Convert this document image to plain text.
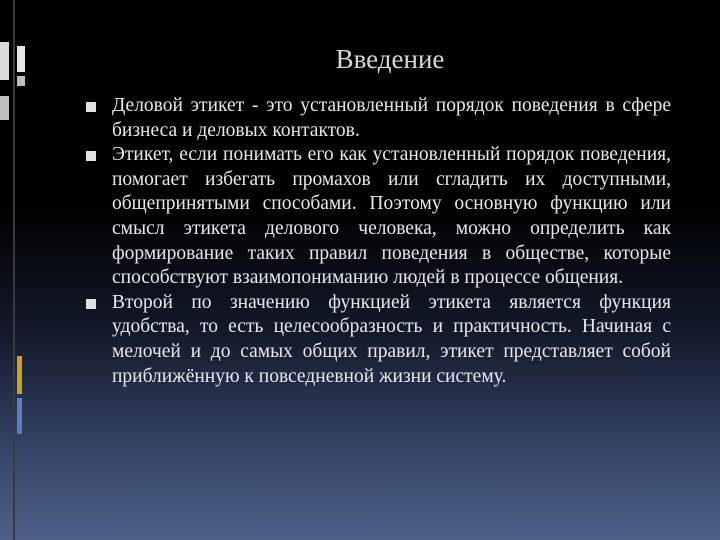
Введение
Деловой этикет - это установленный порядок поведения в сфере бизнеса и деловых контактов.
Этикет, если понимать его как установленный порядок поведения, помогает избегать промахов или сгладить их доступными, общепринятыми способами. Поэтому основную функцию или смысл этикета делового человека, можно определить как формирование таких правил поведения в обществе, которые способствуют взаимопониманию людей в процессе общения.
Второй по значению функцией этикета является функция удобства, то есть целесообразность и практичность. Начиная с мелочей и до самых общих правил, этикет представляет собой приближённую к повседневной жизни систему.
